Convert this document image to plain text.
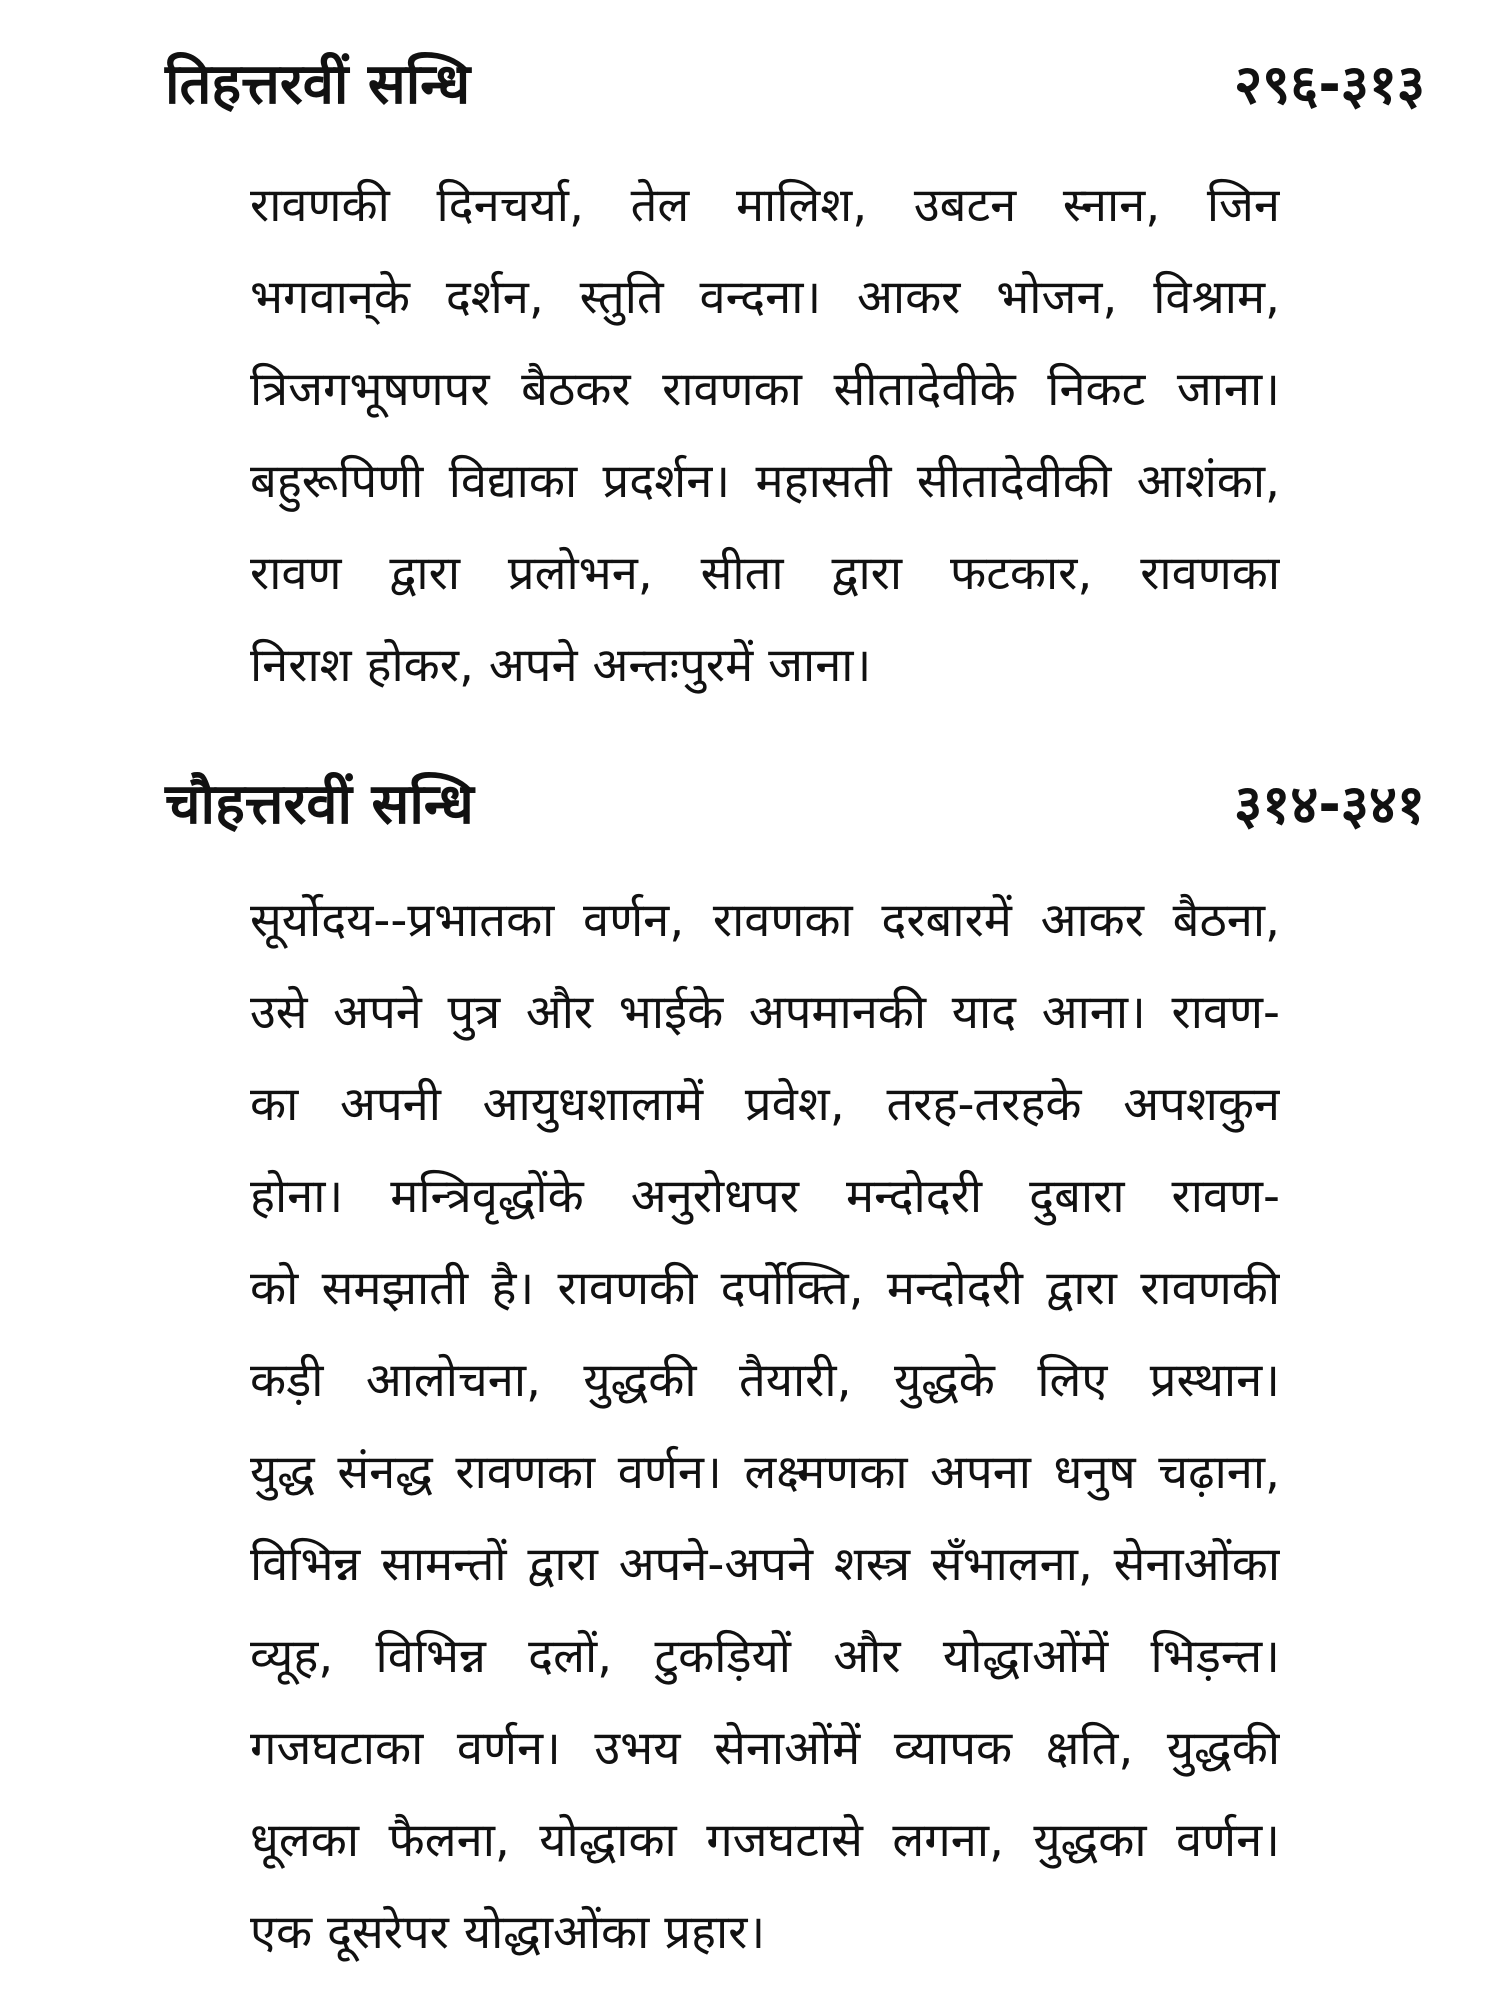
तिहत्तरवीं सन्धि	२९६-३१३
रावणकी दिनचर्या, तेल मालिश, उबटन स्नान, जिन
भगवान्‌के दर्शन, स्तुति वन्दना। आकर भोजन, विश्राम,
त्रिजगभूषणपर बैठकर रावणका सीतादेवीके निकट जाना।
बहुरूपिणी विद्याका प्रदर्शन। महासती सीतादेवीकी आशंका,
रावण द्वारा प्रलोभन, सीता द्वारा फटकार, रावणका
निराश होकर, अपने अन्तःपुरमें जाना।
चौहत्तरवीं सन्धि	३१४-३४१
सूर्योदय--प्रभातका वर्णन, रावणका दरबारमें आकर बैठना,
उसे अपने पुत्र और भाईके अपमानकी याद आना। रावण-
का अपनी आयुधशालामें प्रवेश, तरह-तरहके अपशकुन
होना। मन्त्रिवृद्धोंके अनुरोधपर मन्दोदरी दुबारा रावण-
को समझाती है। रावणकी दर्पोक्ति, मन्दोदरी द्वारा रावणकी
कड़ी आलोचना, युद्धकी तैयारी, युद्धके लिए प्रस्थान।
युद्ध संनद्ध रावणका वर्णन। लक्ष्मणका अपना धनुष चढ़ाना,
विभिन्न सामन्तों द्वारा अपने-अपने शस्त्र सँभालना, सेनाओंका
व्यूह, विभिन्न दलों, टुकड़ियों और योद्धाओंमें भिड़न्त।
गजघटाका वर्णन। उभय सेनाओंमें व्यापक क्षति, युद्धकी
धूलका फैलना, योद्धाका गजघटासे लगना, युद्धका वर्णन।
एक दूसरेपर योद्धाओंका प्रहार।
